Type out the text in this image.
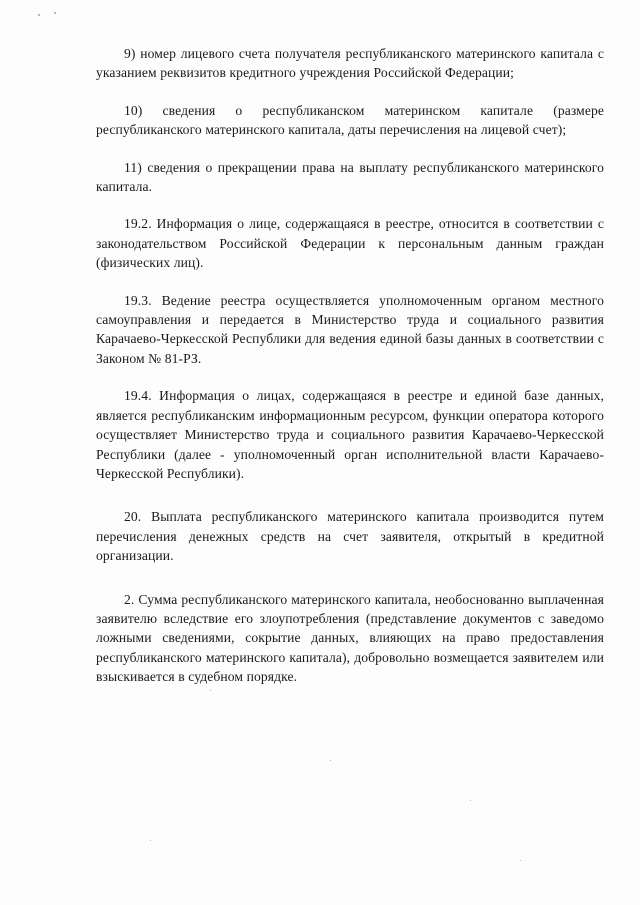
9) номер лицевого счета получателя республиканского материнского капитала с указанием реквизитов кредитного учреждения Российской Федерации;

10) сведения о республиканском материнском капитале (размере республиканского материнского капитала, даты перечисления на лицевой счет);

11) сведения о прекращении права на выплату республиканского материнского капитала.

19.2. Информация о лице, содержащаяся в реестре, относится в соответствии с законодательством Российской Федерации к персональным данным граждан (физических лиц).

19.3. Ведение реестра осуществляется уполномоченным органом местного самоуправления и передается в Министерство труда и социального развития Карачаево-Черкесской Республики для ведения единой базы данных в соответствии с Законом № 81-РЗ.

19.4. Информация о лицах, содержащаяся в реестре и единой базе данных, является республиканским информационным ресурсом, функции оператора которого осуществляет Министерство труда и социального развития Карачаево-Черкесской Республики (далее - уполномоченный орган исполнительной власти Карачаево-Черкесской Республики).

20. Выплата республиканского материнского капитала производится путем перечисления денежных средств на счет заявителя, открытый в кредитной организации.

2. Сумма республиканского материнского капитала, необоснованно выплаченная заявителю вследствие его злоупотребления (представление документов с заведомо ложными сведениями, сокрытие данных, влияющих на право предоставления республиканского материнского капитала), добровольно возмещается заявителем или взыскивается в судебном порядке.
